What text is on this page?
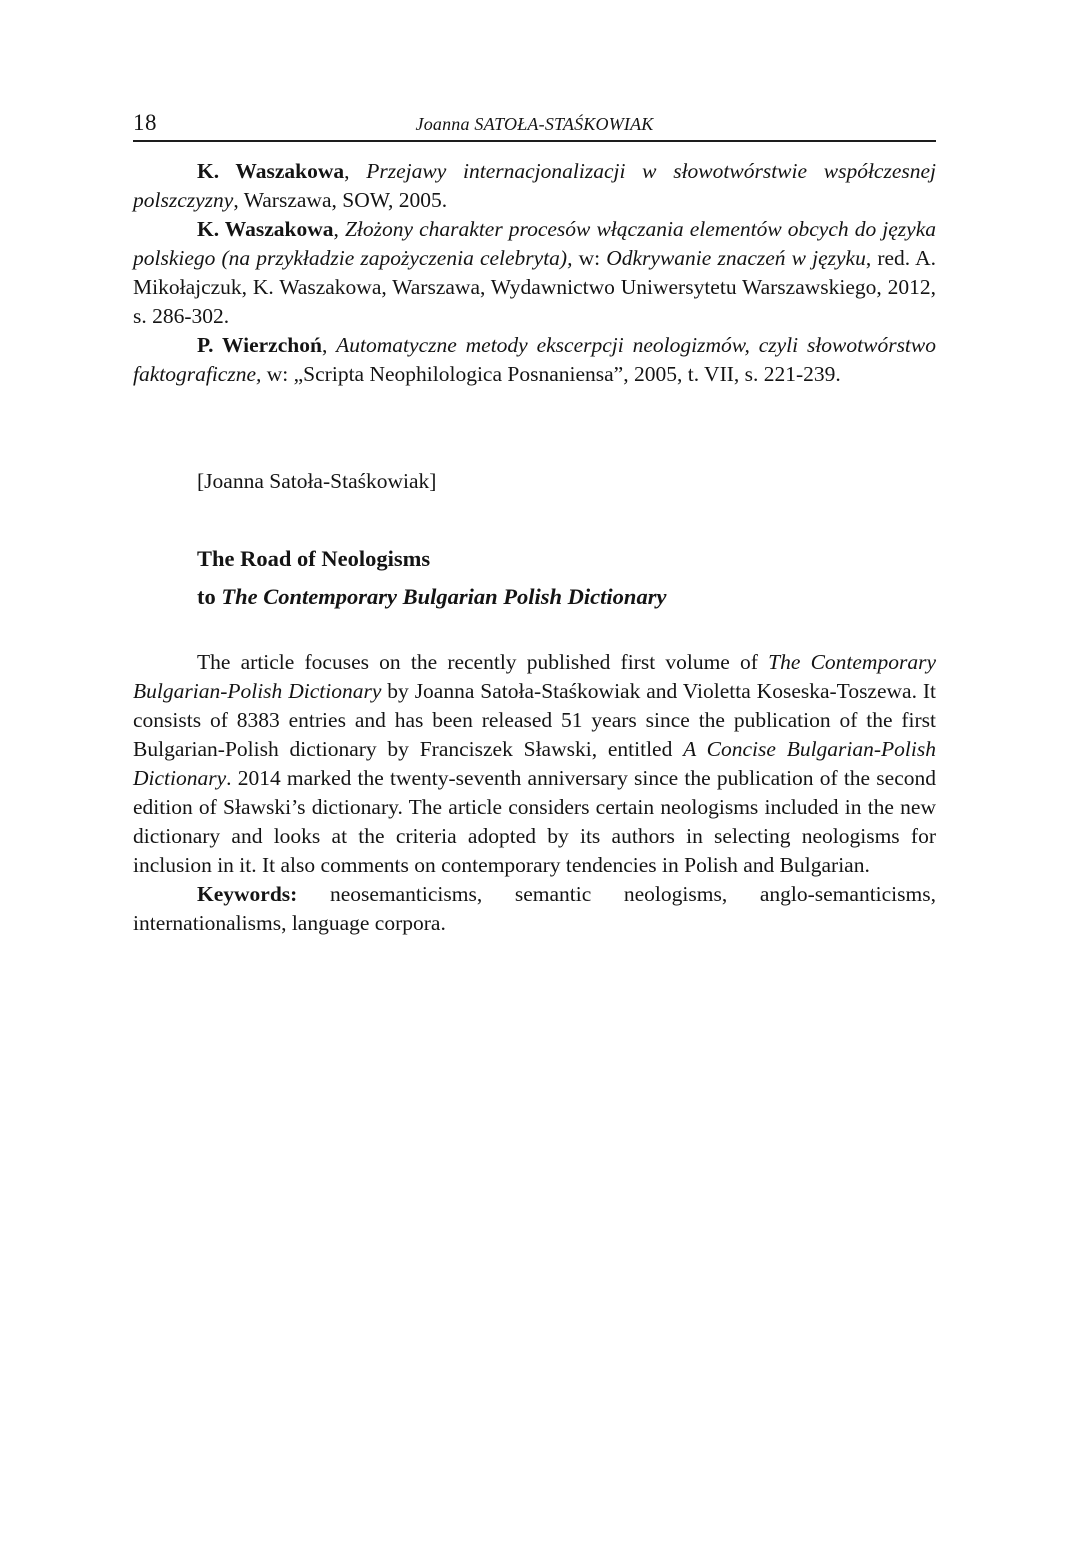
18	Joanna SATOŁA-STAŚKOWIAK

K. Waszakowa, Przejawy internacjonalizacji w słowotwórstwie współczesnej polszczyzny, Warszawa, SOW, 2005.

K. Waszakowa, Złożony charakter procesów włączania elementów obcych do języka polskiego (na przykładzie zapożyczenia celebryta), w: Odkrywanie znaczeń w języku, red. A. Mikołajczuk, K. Waszakowa, Warszawa, Wydawnictwo Uniwersytetu Warszawskiego, 2012, s. 286-302.

P. Wierzchoń, Automatyczne metody ekscerpcji neologizmów, czyli słowotwórstwo faktograficzne, w: „Scripta Neophilologica Posnaniensa”, 2005, t. VII, s. 221-239.

[Joanna Satoła-Staśkowiak]

The Road of Neologisms
to The Contemporary Bulgarian Polish Dictionary

The article focuses on the recently published first volume of The Contemporary Bulgarian-Polish Dictionary by Joanna Satoła-Staśkowiak and Violetta Koseska-Toszewa. It consists of 8383 entries and has been released 51 years since the publication of the first Bulgarian-Polish dictionary by Franciszek Sławski, entitled A Concise Bulgarian-Polish Dictionary. 2014 marked the twenty-seventh anniversary since the publication of the second edition of Sławski’s dictionary. The article considers certain neologisms included in the new dictionary and looks at the criteria adopted by its authors in selecting neologisms for inclusion in it. It also comments on contemporary tendencies in Polish and Bulgarian.

Keywords: neosemanticisms, semantic neologisms, anglo-semanticisms, internationalisms, language corpora.
